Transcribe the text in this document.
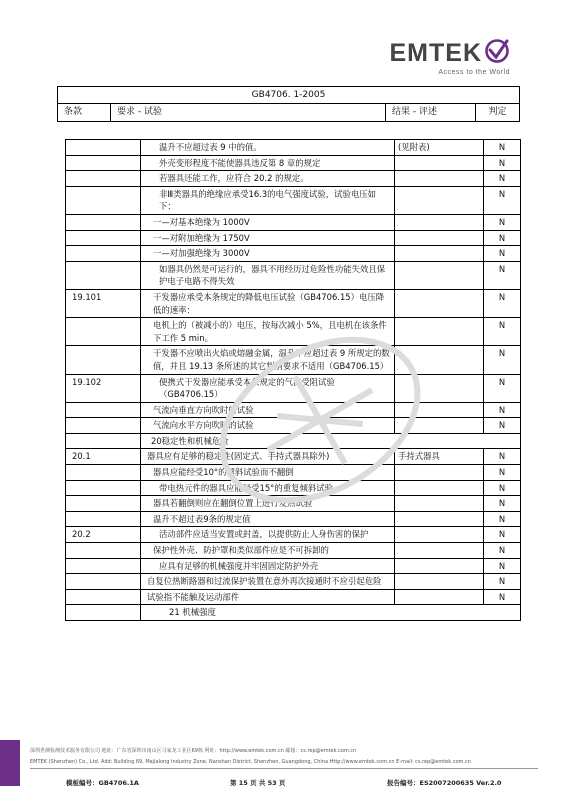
EMTEK
Access to the World
GB4706. 1-2005
条款	要求 - 试验	结果 - 评述	判定
	温升不应超过表 9 中的值。	(见附表)	N
	外壳变形程度不能使器具违反第 8 章的规定		N
	若器具还能工作，应符合 20.2 的规定。		N
	非Ⅲ类器具的绝缘应承受16.3的电气强度试验，试验电压如下：		N
	一—对基本绝缘为 1000V		N
	一—对附加绝缘为 1750V		N
	一—对加强绝缘为 3000V		N
	如器具仍然是可运行的，器具不用经历过危险性功能失效且保护电子电路不得失效		N
19.101	干发器应承受本条规定的降低电压试验（GB4706.15）电压降低的速率：		N
	电机上的（被减小的）电压，按每次减小 5%，且电机在该条件下工作 5 min。		N
	干发器不应喷出火焰或熔融金属，温升不应超过表 9 所规定的数值，并且 19.13 条所述的其它判别要求不适用（GB4706.15）		N
19.102	便携式干发器应能承受本条规定的气流受阻试验（GB4706.15）		N
	气流向垂直方向吹时的试验		N
	气流向水平方向吹时的试验		N
	20稳定性和机械危险		
20.1	器具应有足够的稳定性(固定式、手持式器具除外)	手持式器具	N
	器具应能经受10°的倾斜试验而不翻倒		N
	带电热元件的器具应能经受15°的重复倾斜试验		N
	器具若翻倒则应在翻倒位置上进行发热试验		N
	温升不超过表9条的规定值		N
20.2	活动部件应适当安置或封盖，以提供防止人身伤害的保护		N
	保护性外壳、防护罩和类似部件应是不可拆卸的		N
	应具有足够的机械强度并牢固固定防护外壳		N
	自复位热断路器和过流保护装置在意外再次接通时不应引起危险		N
	试验指不能触及运动部件		N
	21 机械强度		
深圳世测检测技术服务有限公司 地址：广东省深圳市南山区马家龙工业区69栋 网址：http://www.emtek.com.cn 邮箱：cs.rep@emtek.com.cn
EMTEK (Shenzhen) Co., Ltd. Add: Building 69, Majialong Industry Zone, Nanshan District, Shenzhen, Guangdong, China Http://www.emtek.com.cn E-mail: cs.rep@emtek.com.cn
模板编号：GB4706.1A	第 15 页 共 53 页	报告编号：ES2007200635 Ver.2.0
